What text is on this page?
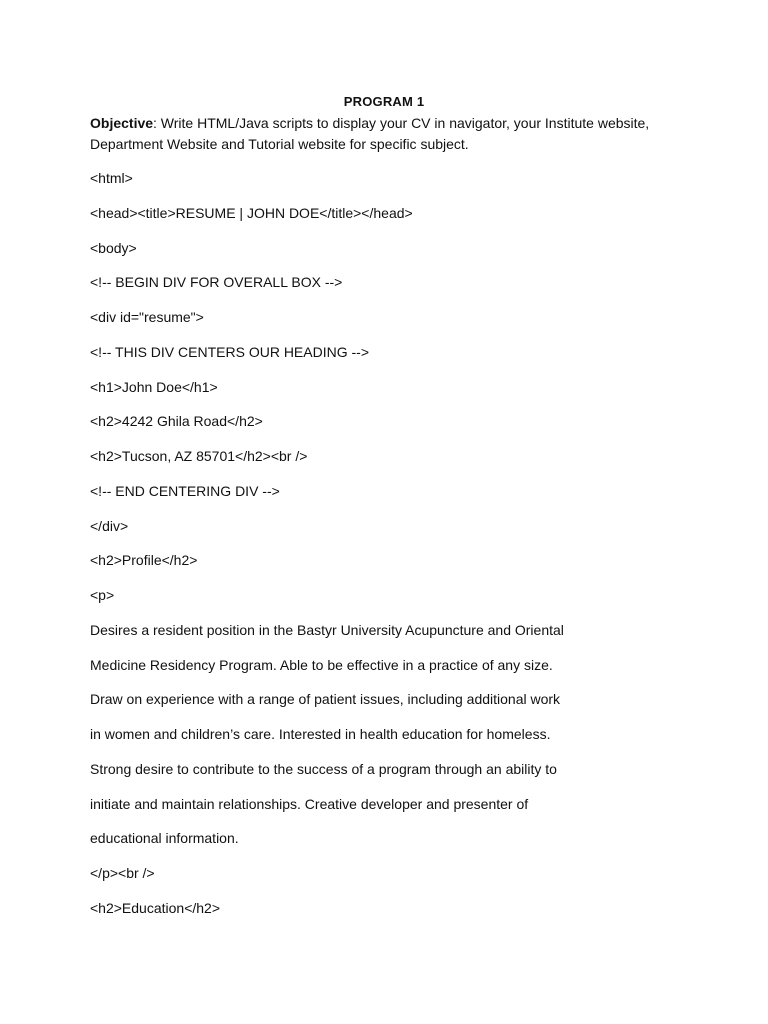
PROGRAM 1
Objective: Write HTML/Java scripts to display your CV in navigator, your Institute website, Department Website and Tutorial website for specific subject.
<html>
<head><title>RESUME | JOHN DOE</title></head>
<body>
<!-- BEGIN DIV FOR OVERALL BOX -->
<div id="resume">
<!-- THIS DIV CENTERS OUR HEADING -->
<h1>John Doe</h1>
<h2>4242 Ghila Road</h2>
<h2>Tucson, AZ 85701</h2><br />
<!-- END CENTERING DIV -->
</div>
<h2>Profile</h2>
<p>
Desires a resident position in the Bastyr University Acupuncture and Oriental
Medicine Residency Program. Able to be effective in a practice of any size.
Draw on experience with a range of patient issues, including additional work
in women and children’s care. Interested in health education for homeless.
Strong desire to contribute to the success of a program through an ability to
initiate and maintain relationships. Creative developer and presenter of
educational information.
</p><br />
<h2>Education</h2>
